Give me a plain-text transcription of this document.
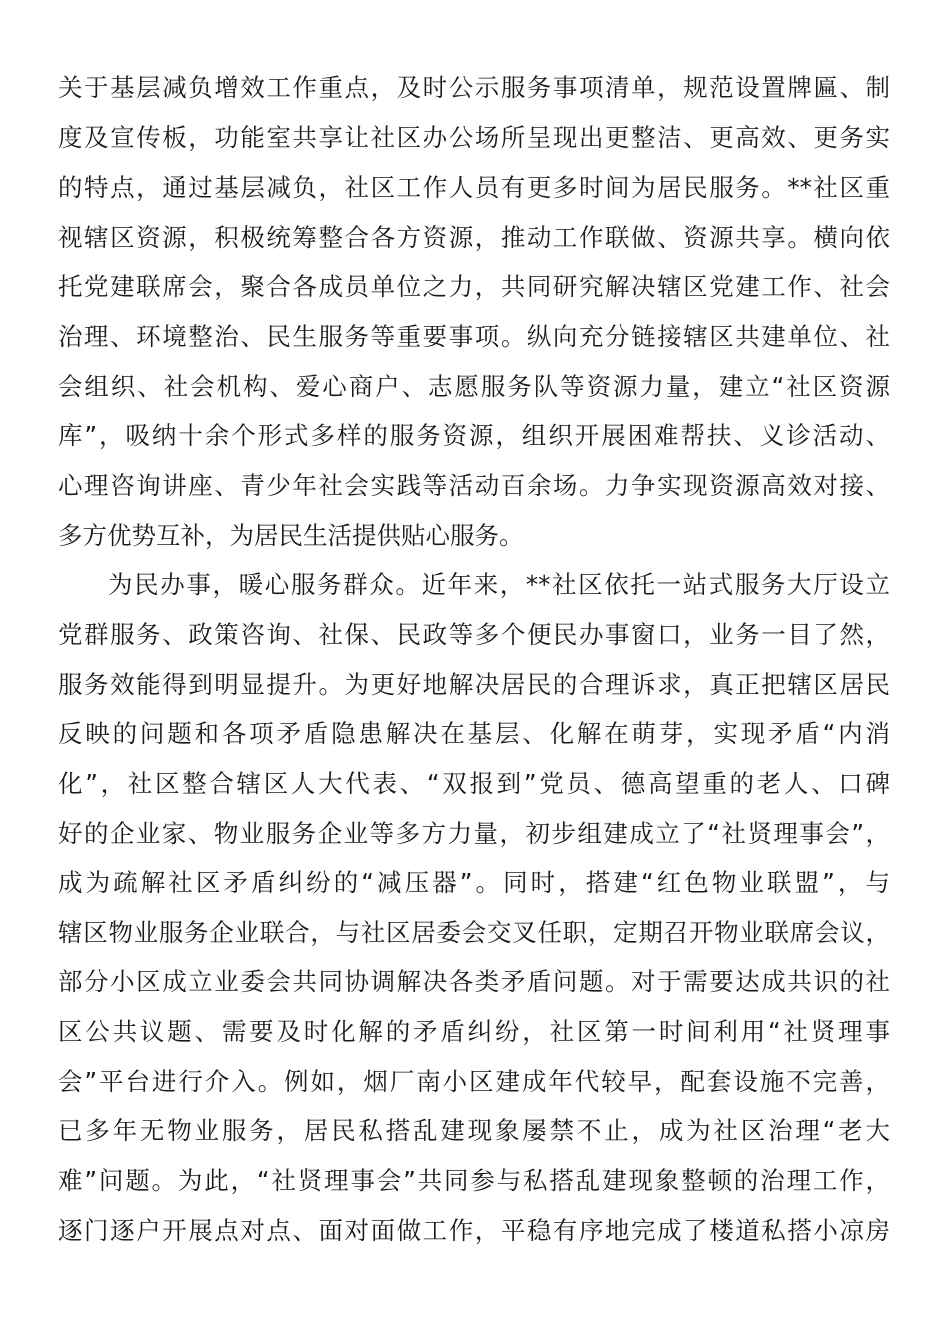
关于基层减负增效工作重点，及时公示服务事项清单，规范设置牌匾、制
度及宣传板，功能室共享让社区办公场所呈现出更整洁、更高效、更务实
的特点，通过基层减负，社区工作人员有更多时间为居民服务。**社区重
视辖区资源，积极统筹整合各方资源，推动工作联做、资源共享。横向依
托党建联席会，聚合各成员单位之力，共同研究解决辖区党建工作、社会
治理、环境整治、民生服务等重要事项。纵向充分链接辖区共建单位、社
会组织、社会机构、爱心商户、志愿服务队等资源力量，建立“社区资源
库”，吸纳十余个形式多样的服务资源，组织开展困难帮扶、义诊活动、
心理咨询讲座、青少年社会实践等活动百余场。力争实现资源高效对接、
多方优势互补，为居民生活提供贴心服务。
为民办事，暖心服务群众。近年来，**社区依托一站式服务大厅设立
党群服务、政策咨询、社保、民政等多个便民办事窗口，业务一目了然，
服务效能得到明显提升。为更好地解决居民的合理诉求，真正把辖区居民
反映的问题和各项矛盾隐患解决在基层、化解在萌芽，实现矛盾“内消
化”，社区整合辖区人大代表、“双报到”党员、德高望重的老人、口碑
好的企业家、物业服务企业等多方力量，初步组建成立了“社贤理事会”，
成为疏解社区矛盾纠纷的“减压器”。同时，搭建“红色物业联盟”，与
辖区物业服务企业联合，与社区居委会交叉任职，定期召开物业联席会议，
部分小区成立业委会共同协调解决各类矛盾问题。对于需要达成共识的社
区公共议题、需要及时化解的矛盾纠纷，社区第一时间利用“社贤理事
会”平台进行介入。例如，烟厂南小区建成年代较早，配套设施不完善，
已多年无物业服务，居民私搭乱建现象屡禁不止，成为社区治理“老大
难”问题。为此，“社贤理事会”共同参与私搭乱建现象整顿的治理工作，
逐门逐户开展点对点、面对面做工作，平稳有序地完成了楼道私搭小凉房
